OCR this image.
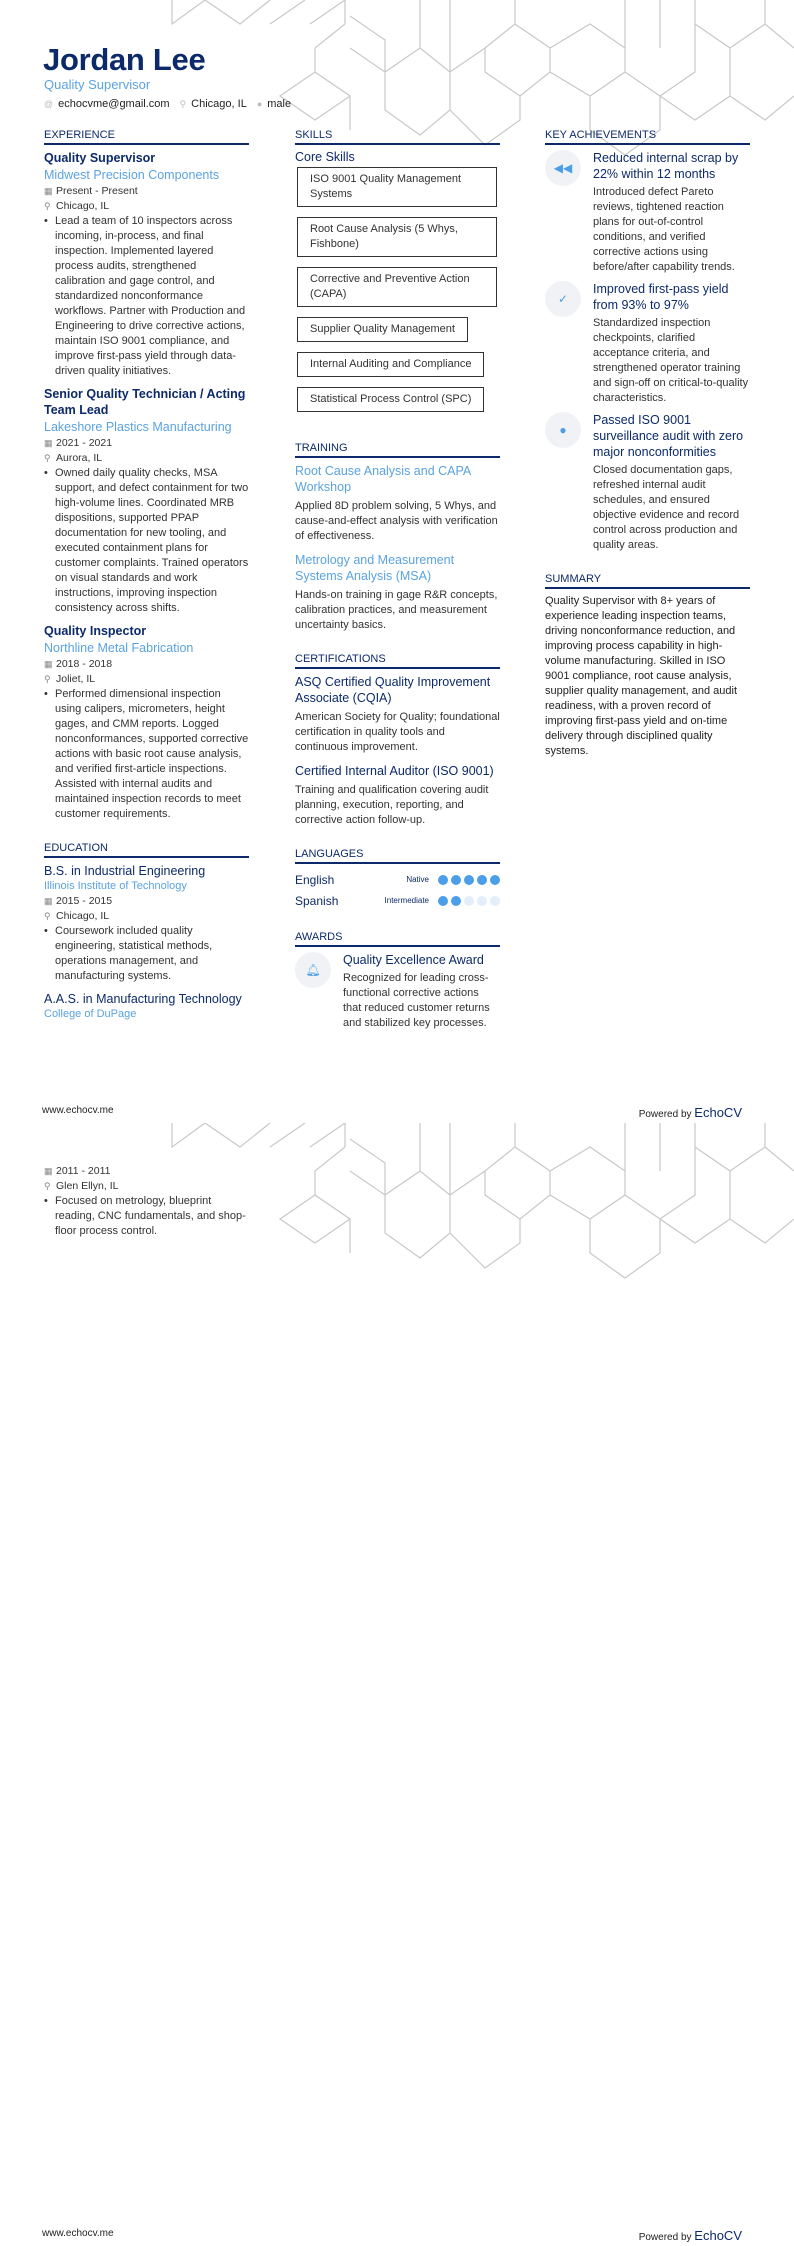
Jordan Lee
Quality Supervisor
@ echocvme@gmail.com ⚲ Chicago, IL ● male
EXPERIENCE
Quality Supervisor
Midwest Precision Components
▦ Present - Present
⚲ Chicago, IL
• Lead a team of 10 inspectors across incoming, in-process, and final inspection. Implemented layered process audits, strengthened calibration and gage control, and standardized nonconformance workflows. Partner with Production and Engineering to drive corrective actions, maintain ISO 9001 compliance, and improve first-pass yield through data-driven quality initiatives.
Senior Quality Technician / Acting Team Lead
Lakeshore Plastics Manufacturing
▦ 2021 - 2021
⚲ Aurora, IL
• Owned daily quality checks, MSA support, and defect containment for two high-volume lines. Coordinated MRB dispositions, supported PPAP documentation for new tooling, and executed containment plans for customer complaints. Trained operators on visual standards and work instructions, improving inspection consistency across shifts.
Quality Inspector
Northline Metal Fabrication
▦ 2018 - 2018
⚲ Joliet, IL
• Performed dimensional inspection using calipers, micrometers, height gages, and CMM reports. Logged nonconformances, supported corrective actions with basic root cause analysis, and verified first-article inspections. Assisted with internal audits and maintained inspection records to meet customer requirements.
EDUCATION
B.S. in Industrial Engineering
Illinois Institute of Technology
▦ 2015 - 2015
⚲ Chicago, IL
• Coursework included quality engineering, statistical methods, operations management, and manufacturing systems.
A.A.S. in Manufacturing Technology
College of DuPage
SKILLS
Core Skills
ISO 9001 Quality Management Systems Root Cause Analysis (5 Whys, Fishbone) Corrective and Preventive Action (CAPA) Supplier Quality Management Internal Auditing and Compliance Statistical Process Control (SPC)
TRAINING
Root Cause Analysis and CAPA Workshop
Applied 8D problem solving, 5 Whys, and cause-and-effect analysis with verification of effectiveness.
Metrology and Measurement Systems Analysis (MSA)
Hands-on training in gage R&R concepts, calibration practices, and measurement uncertainty basics.
CERTIFICATIONS
ASQ Certified Quality Improvement Associate (CQIA)
American Society for Quality; foundational certification in quality tools and continuous improvement.
Certified Internal Auditor (ISO 9001)
Training and qualification covering audit planning, execution, reporting, and corrective action follow-up.
LANGUAGES
English	Native
Spanish	Intermediate
AWARDS
🔔︎
Quality Excellence Award
Recognized for leading cross-functional corrective actions that reduced customer returns and stabilized key processes.
KEY ACHIEVEMENTS
◀◀
Reduced internal scrap by 22% within 12 months
Introduced defect Pareto reviews, tightened reaction plans for out-of-control conditions, and verified corrective actions using before/after capability trends.
✓
Improved first-pass yield from 93% to 97%
Standardized inspection checkpoints, clarified acceptance criteria, and strengthened operator training and sign-off on critical-to-quality characteristics.
●
Passed ISO 9001 surveillance audit with zero major nonconformities
Closed documentation gaps, refreshed internal audit schedules, and ensured objective evidence and record control across production and quality areas.
SUMMARY
Quality Supervisor with 8+ years of experience leading inspection teams, driving nonconformance reduction, and improving process capability in high-volume manufacturing. Skilled in ISO 9001 compliance, root cause analysis, supplier quality management, and audit readiness, with a proven record of improving first-pass yield and on-time delivery through disciplined quality systems.
www.echocv.me	Powered by EchoCV
▦ 2011 - 2011
⚲ Glen Ellyn, IL
• Focused on metrology, blueprint reading, CNC fundamentals, and shop-floor process control.
www.echocv.me	Powered by EchoCV
